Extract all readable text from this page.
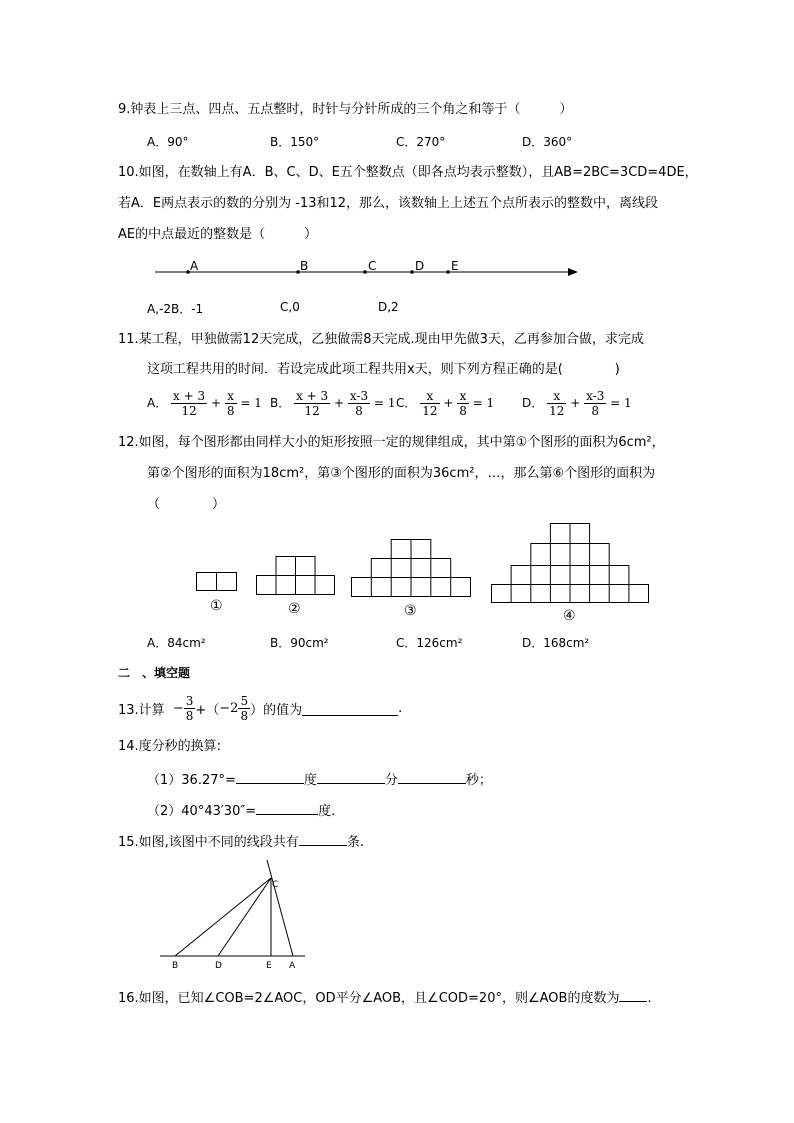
9.钟表上三点、四点、五点整时，时针与分针所成的三个角之和等于（　　　）
A．90°	B．150°	C．270°	D．360°
10.如图，在数轴上有A．B、C、D、E五个整数点（即各点均表示整数），且AB=2BC=3CD=4DE，
若A．E两点表示的数的分别为 -13和12，那么，该数轴上上述五个点所表示的整数中，离线段
AE的中点最近的整数是（　　　）
A	B	C	D E
A,-2B．-1	C,0	D,2
11.某工程，甲独做需12天完成，乙独做需8天完成.现由甲先做3天，乙再参加合做，求完成
这项工程共用的时间．若设完成此项工程共用x天，则下列方程正确的是(　　　　)
A． $\frac{x + 3}{12} + \frac{x}{8} = 1$ B． $\frac{x + 3}{12} + \frac{x-3}{8} = 1$ C． $\frac{x}{12} + \frac{x}{8} = 1$ D． $\frac{x}{12} + \frac{x-3}{8} = 1$
12.如图，每个图形都由同样大小的矩形按照一定的规律组成，其中第①个图形的面积为6cm²，
第②个图形的面积为18cm²，第③个图形的面积为36cm²，…，那么第⑥个图形的面积为
（　　　　）
①	②	③	④
A．84cm²	B．90cm²	C．126cm²	D．168cm²
二　、填空题
13.计算 − $\frac{3}{8} +(-2 \frac{5}{8}$ ）的值为	.
14.度分秒的换算:
（1）36.27°=	度	分	秒；
（2）40°43′30″=	度.
15.如图,该图中不同的线段共有	条.
C
B	D	E A
16.如图，已知∠COB=2∠AOC，OD平分∠AOB，且∠COD=20°，则∠AOB的度数为 .
